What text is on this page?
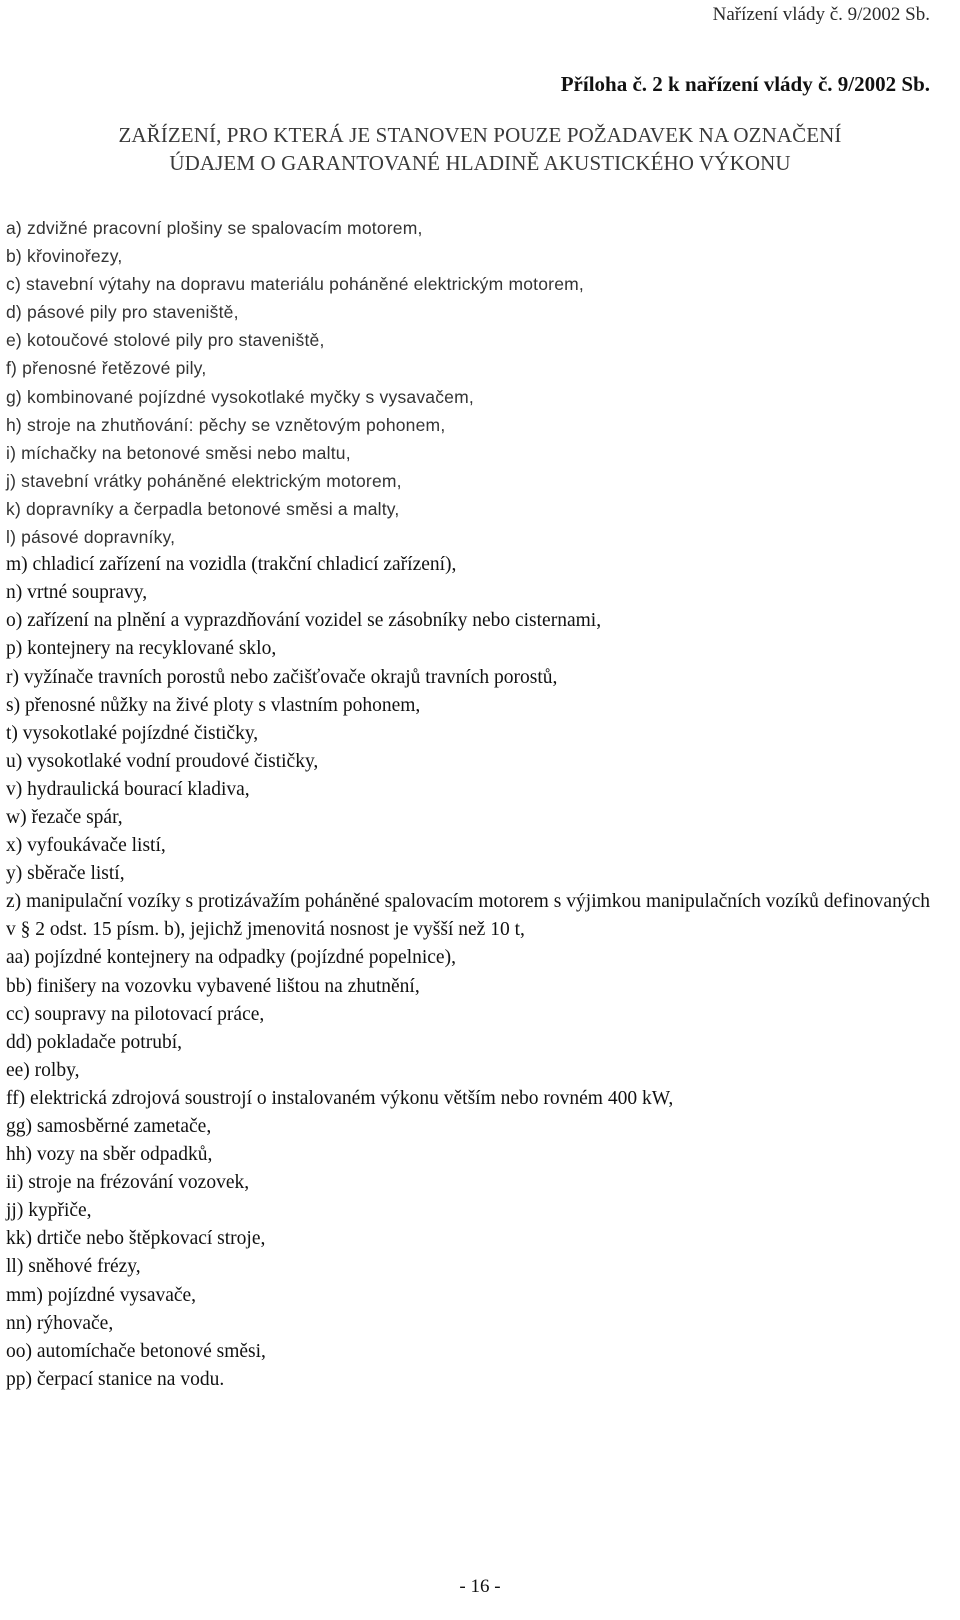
Nařízení vlády č. 9/2002 Sb.
Příloha č. 2 k nařízení vlády č. 9/2002 Sb.
ZAŘÍZENÍ, PRO KTERÁ JE STANOVEN POUZE POŽADAVEK NA OZNAČENÍ
ÚDAJEM O GARANTOVANÉ HLADINĚ AKUSTICKÉHO VÝKONU
a) zdvižné pracovní plošiny se spalovacím motorem,
b) křovinořezy,
c) stavební výtahy na dopravu materiálu poháněné elektrickým motorem,
d) pásové pily pro staveniště,
e) kotoučové stolové pily pro staveniště,
f) přenosné řetězové pily,
g) kombinované pojízdné vysokotlaké myčky s vysavačem,
h) stroje na zhutňování: pěchy se vznětovým pohonem,
i) míchačky na betonové směsi nebo maltu,
j) stavební vrátky poháněné elektrickým motorem,
k) dopravníky a čerpadla betonové směsi a malty,
l) pásové dopravníky,
m) chladicí zařízení na vozidla (trakční chladicí zařízení),
n) vrtné soupravy,
o) zařízení na plnění a vyprazdňování vozidel se zásobníky nebo cisternami,
p) kontejnery na recyklované sklo,
r) vyžínače travních porostů nebo začišťovače okrajů travních porostů,
s) přenosné nůžky na živé ploty s vlastním pohonem,
t) vysokotlaké pojízdné čističky,
u) vysokotlaké vodní proudové čističky,
v) hydraulická bourací kladiva,
w) řezače spár,
x) vyfoukávače listí,
y) sběrače listí,
z) manipulační vozíky s protizávažím poháněné spalovacím motorem s výjimkou manipulačních vozíků definovaných v § 2 odst. 15 písm. b), jejichž jmenovitá nosnost je vyšší než 10 t,
aa) pojízdné kontejnery na odpadky (pojízdné popelnice),
bb) finišery na vozovku vybavené lištou na zhutnění,
cc) soupravy na pilotovací práce,
dd) pokladače potrubí,
ee) rolby,
ff) elektrická zdrojová soustrojí o instalovaném výkonu větším nebo rovném 400 kW,
gg) samosběrné zametače,
hh) vozy na sběr odpadků,
ii) stroje na frézování vozovek,
jj) kypřiče,
kk) drtiče nebo štěpkovací stroje,
ll) sněhové frézy,
mm) pojízdné vysavače,
nn) rýhovače,
oo) automíchače betonové směsi,
pp) čerpací stanice na vodu.
- 16 -
